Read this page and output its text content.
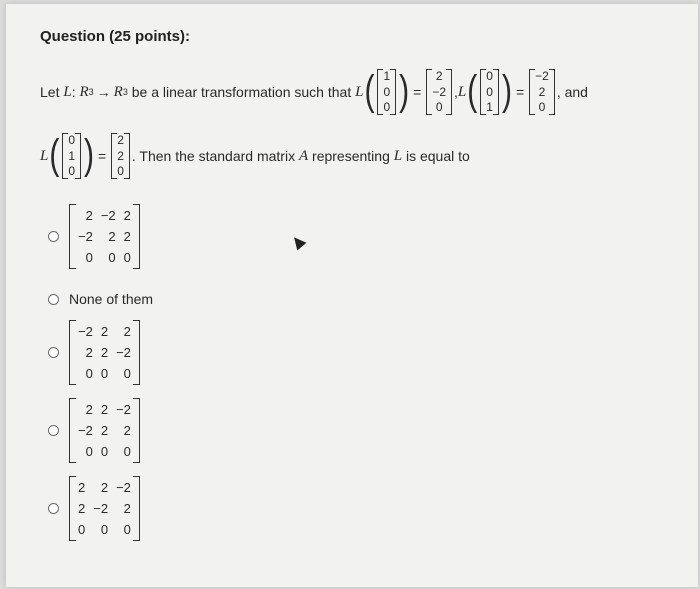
Question (25 points):
Let
L :
R 3 → R 3
be a linear transformation such that
L ( 1
0
0 ) =
2
−2
0
, L ( 0
0
1 ) =
−2
2
0
, and
L ( 0
1
0 ) =
2
2
0
. Then the standard matrix
A
representing
L
is equal to
2 −2 2
−2	2 2
0	0 0
None of them
−2 2	2
2 2 −2
0 0	0
2 2 −2
−2 2	2
0 0	0
2	2 −2
2 −2	2
0	0	0
